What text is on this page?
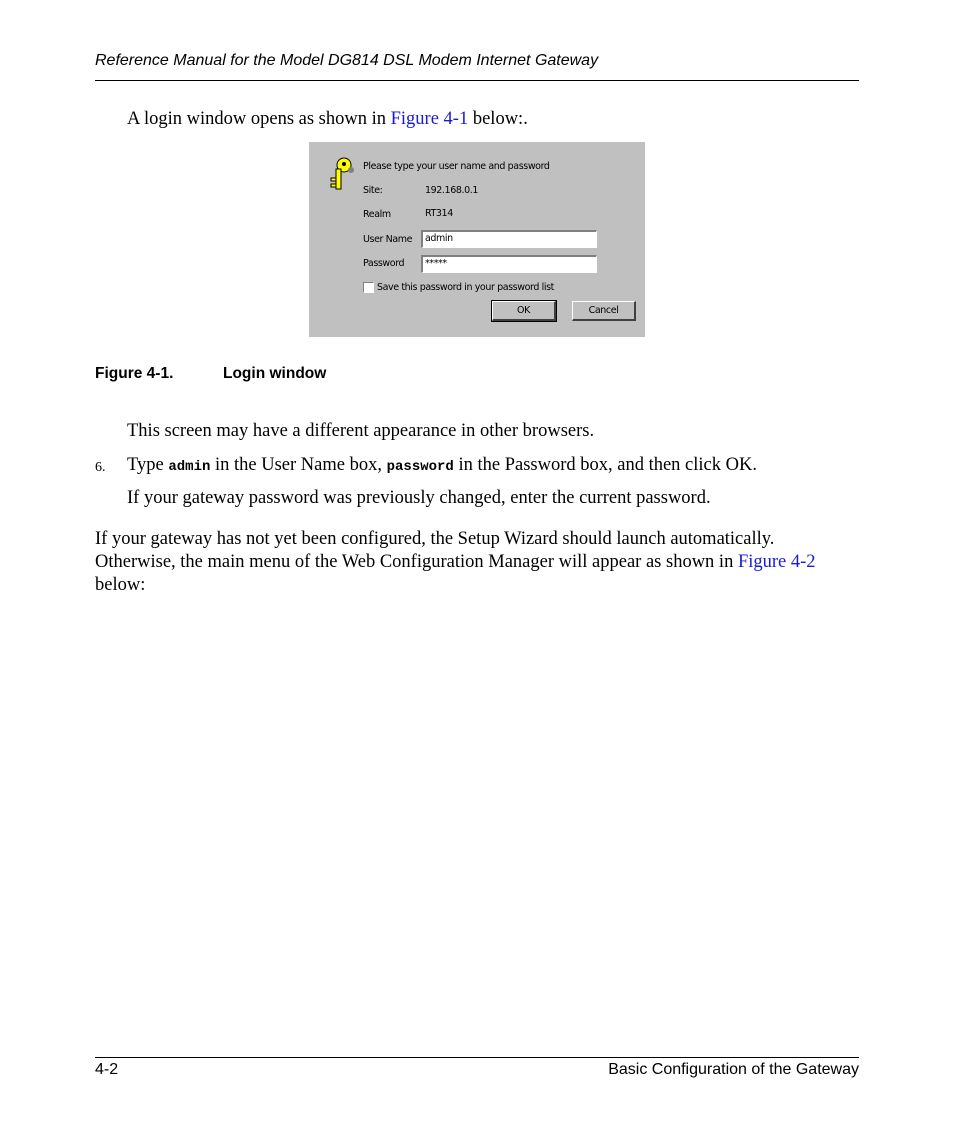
Reference Manual for the Model DG814 DSL Modem Internet Gateway
A login window opens as shown in Figure 4-1 below:.
Please type your user name and password
Site:	192.168.0.1
Realm	RT314
User Name	admin
Password	*****
Save this password in your password list
OK	Cancel
Figure 4-1.	Login window
This screen may have a different appearance in other browsers.
6. Type admin in the User Name box, password in the Password box, and then click OK.
If your gateway password was previously changed, enter the current password.
If your gateway has not yet been configured, the Setup Wizard should launch automatically.
Otherwise, the main menu of the Web Configuration Manager will appear as shown in Figure 4-2
below:
4-2	Basic Configuration of the Gateway
